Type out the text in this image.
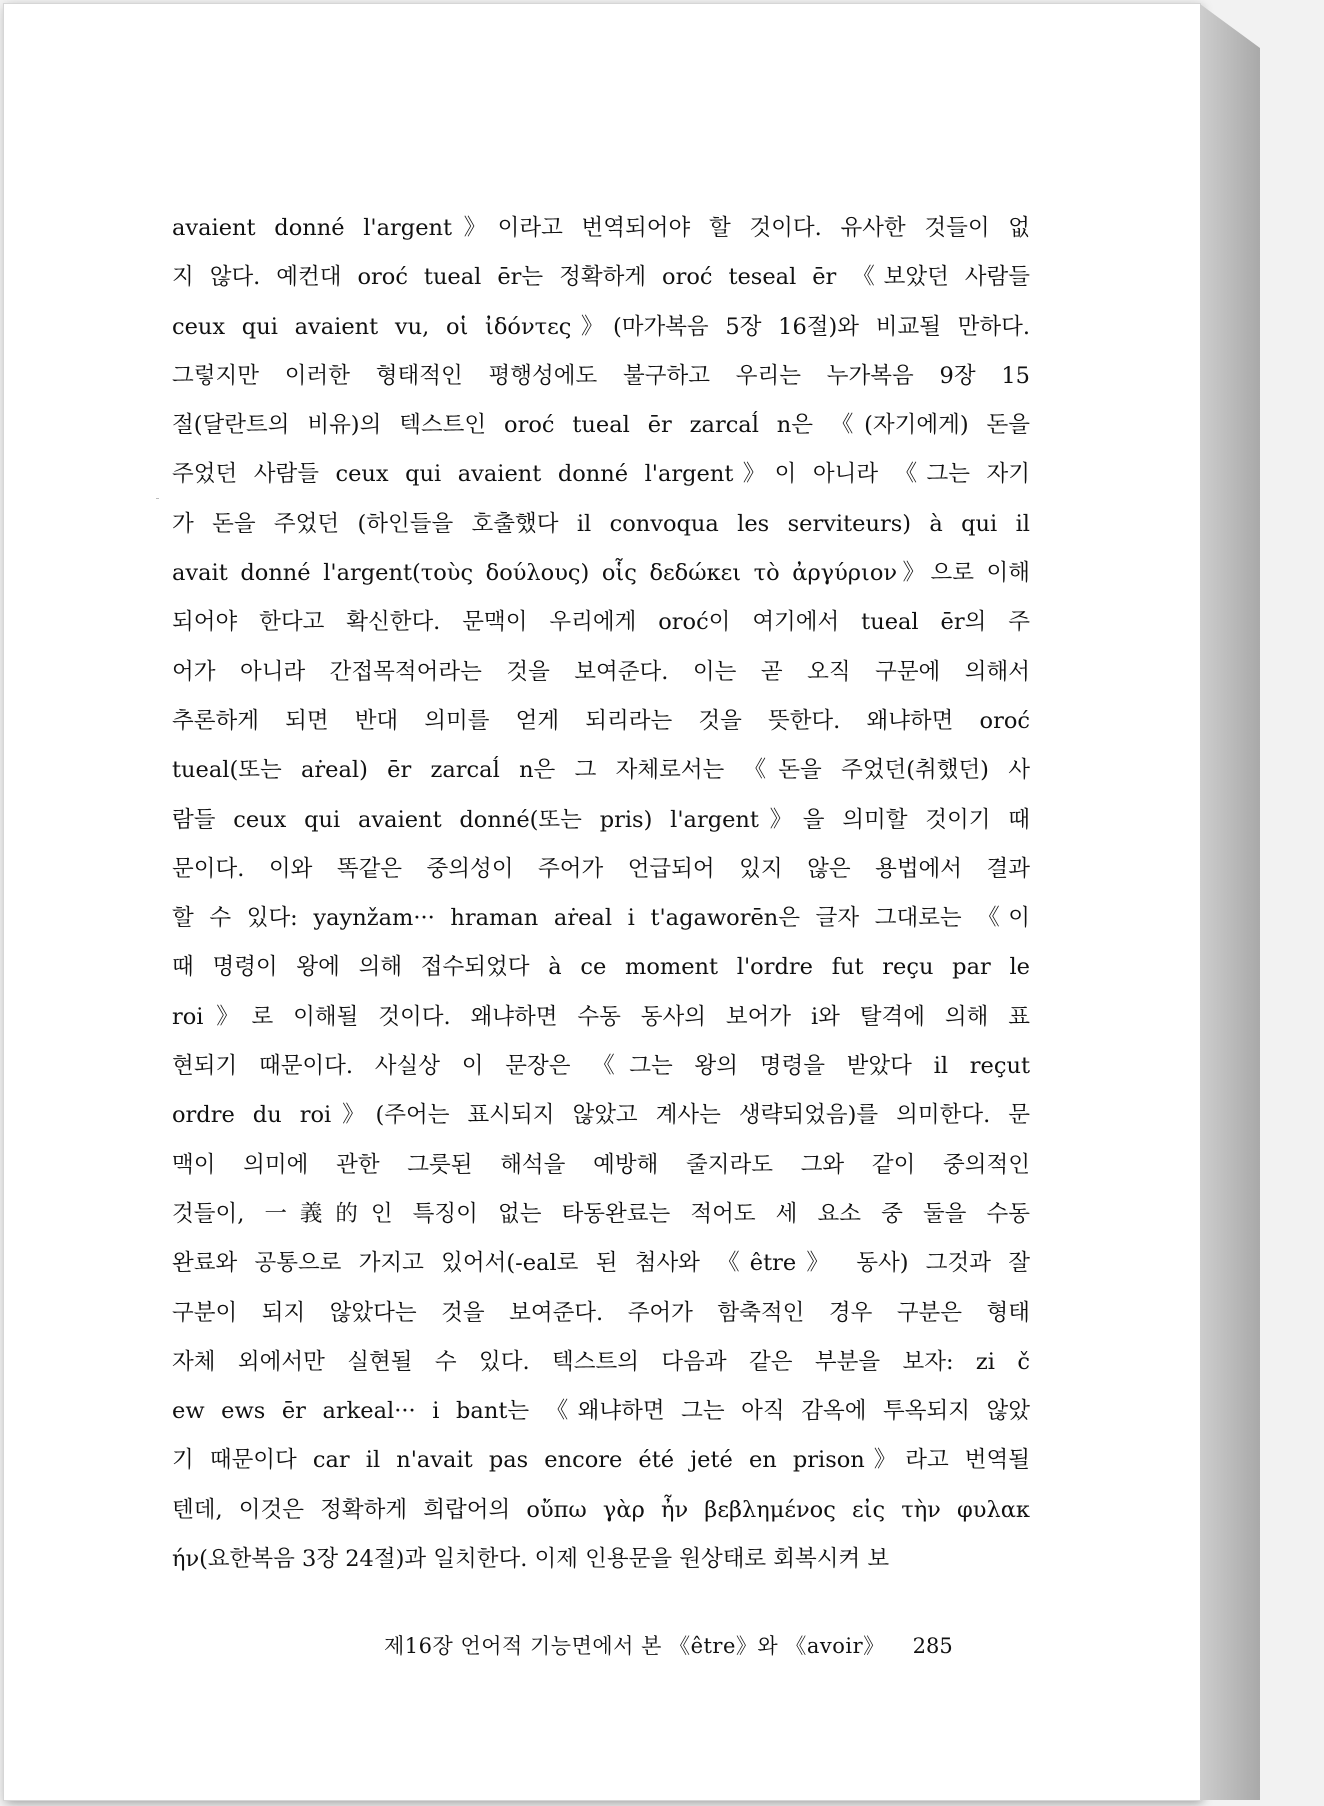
avaient donné l'argent》이라고 번역되어야 할 것이다. 유사한 것들이 없
지 않다. 예컨대 oroć tueal ēr는 정확하게 oroć teseal ēr 《보았던 사람들
ceux qui avaient vu, οἱ ἰδόντες》(마가복음 5장 16절)와 비교될 만하다.
그렇지만 이러한 형태적인 평행성에도 불구하고 우리는 누가복음 9장 15
절(달란트의 비유)의 텍스트인 oroć tueal ēr zarcaĺ n은 《(자기에게) 돈을
주었던 사람들 ceux qui avaient donné l'argent》이 아니라 《그는 자기
가 돈을 주었던 (하인들을 호출했다 il convoqua les serviteurs) à qui il
avait donné l'argent(τοὺς δούλους) οἷς δεδώκει τὸ ἀργύριον》으로 이해
되어야 한다고 확신한다. 문맥이 우리에게 oroć이 여기에서 tueal ēr의 주
어가 아니라 간접목적어라는 것을 보여준다. 이는 곧 오직 구문에 의해서
추론하게 되면 반대 의미를 얻게 되리라는 것을 뜻한다. 왜냐하면 oroć
tueal(또는 aṙeal) ēr zarcaĺ n은 그 자체로서는 《돈을 주었던(취했던) 사
람들 ceux qui avaient donné(또는 pris) l'argent》을 의미할 것이기 때
문이다. 이와 똑같은 중의성이 주어가 언급되어 있지 않은 용법에서 결과
할 수 있다: yaynžam··· hraman aṙeal i t'agaworēn은 글자 그대로는 《이
때 명령이 왕에 의해 접수되었다 à ce moment l'ordre fut reçu par le
roi》로 이해될 것이다. 왜냐하면 수동 동사의 보어가 i와 탈격에 의해 표
현되기 때문이다. 사실상 이 문장은 《그는 왕의 명령을 받았다 il reçut
ordre du roi》(주어는 표시되지 않았고 계사는 생략되었음)를 의미한다. 문
맥이 의미에 관한 그릇된 해석을 예방해 줄지라도 그와 같이 중의적인
것들이, 一義的인 특징이 없는 타동완료는 적어도 세 요소 중 둘을 수동
완료와 공통으로 가지고 있어서(-eal로 된 첨사와 《être》 동사) 그것과 잘
구분이 되지 않았다는 것을 보여준다. 주어가 함축적인 경우 구분은 형태
자체 외에서만 실현될 수 있다. 텍스트의 다음과 같은 부분을 보자: zi č
ew ews ēr arkeal··· i bant는 《왜냐하면 그는 아직 감옥에 투옥되지 않았
기 때문이다 car il n'avait pas encore été jeté en prison》라고 번역될
텐데, 이것은 정확하게 희랍어의 οὔπω γὰρ ἦν βεβλημένος εἰς τὴν φυλακ
ήν(요한복음 3장 24절)과 일치한다. 이제 인용문을 원상태로 회복시켜 보
제16장 언어적 기능면에서 본 《être》와 《avoir》 285
